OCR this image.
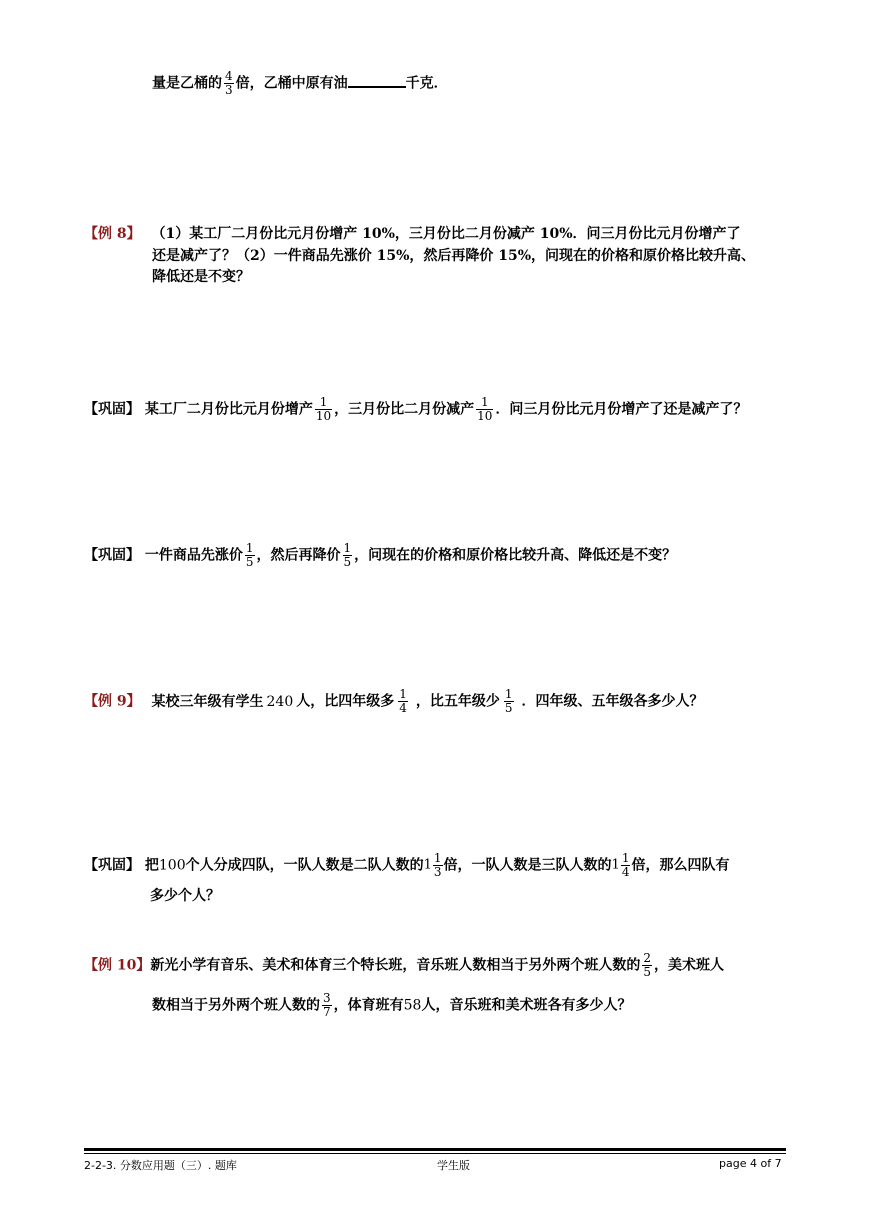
量是乙桶的 $\frac{4}{3}$ 倍，乙桶中原有油	千克．
【例 8】 （1）某工厂二月份比元月份增产 10%，三月份比二月份减产 10%．问三月份比元月份增产了
还是减产了？（2）一件商品先涨价 15%，然后再降价 15%，问现在的价格和原价格比较升高、
降低还是不变？
【巩固】 某工厂二月份比元月份增产 $\frac{1}{10}$ ，三月份比二月份减产 $\frac{1}{10}$ ．问三月份比元月份增产了还是减产了？
【巩固】 一件商品先涨价 $\frac{1}{5}$ ，然后再降价 $\frac{1}{5}$ ，问现在的价格和原价格比较升高、降低还是不变？
【例 9】 某校三年级有学生 240 人，比四年级多 $\frac{1}{4}$ ，比五年级少 $\frac{1}{5}$ ．四年级、五年级各多少人？
【巩固】 把100个人分成四队，一队人数是二队人数的$1 \frac{1}{3}$ 倍，一队人数是三队人数的$1 \frac{1}{4}$ 倍，那么四队有
多少个人？
【例 10】新光小学有音乐、美术和体育三个特长班，音乐班人数相当于另外两个班人数的 $\frac{2}{5}$ ，美术班人
数相当于另外两个班人数的 $\frac{3}{7}$ ，体育班有58人，音乐班和美术班各有多少人？
2-2-3. 分数应用题（三）. 题库	学生版	page 4 of 7
